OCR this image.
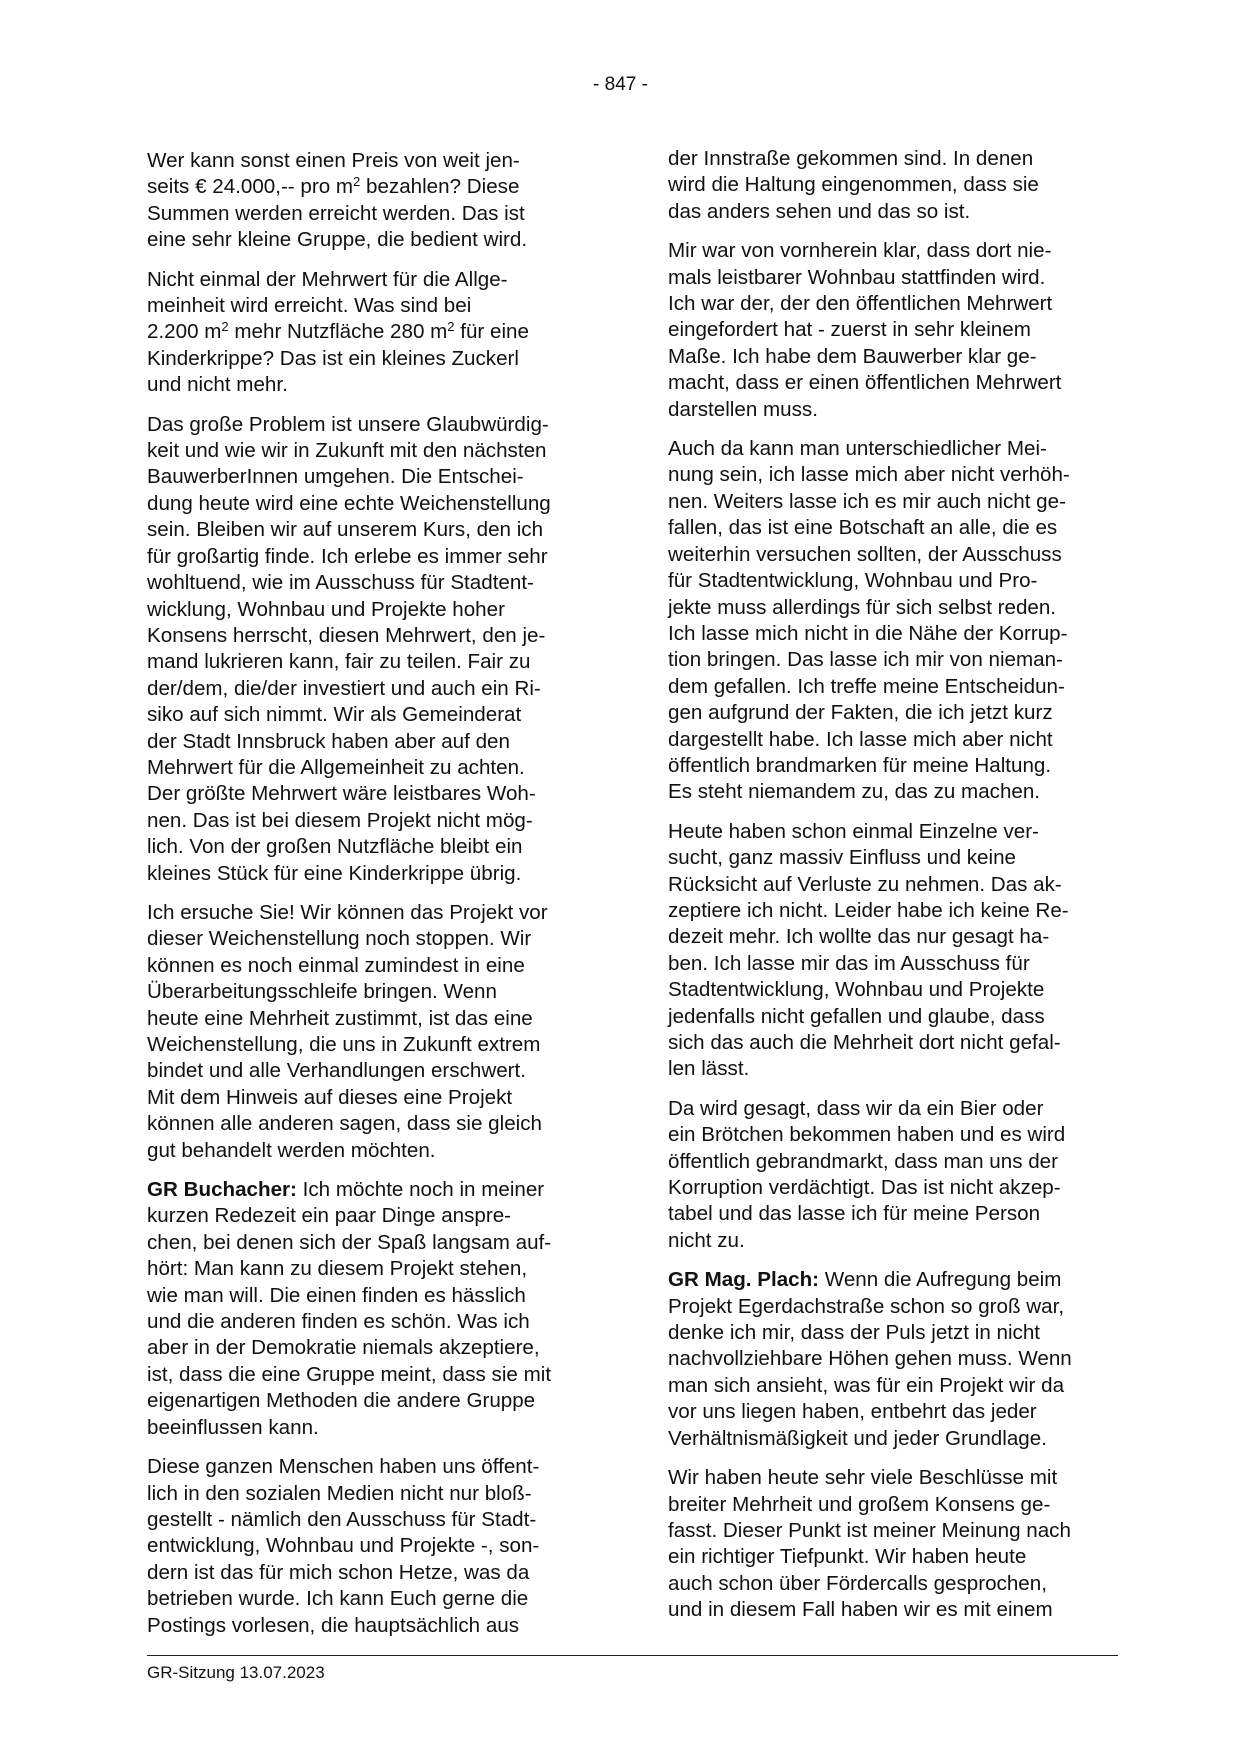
- 847 -

Wer kann sonst einen Preis von weit jen-
seits € 24.000,-- pro $m^2$ bezahlen? Diese
Summen werden erreicht werden. Das ist
eine sehr kleine Gruppe, die bedient wird.

Nicht einmal der Mehrwert für die Allge-
meinheit wird erreicht. Was sind bei
2.200 $m^2$ mehr Nutzfläche 280 $m^2$ für eine
Kinderkrippe? Das ist ein kleines Zuckerl
und nicht mehr.

Das große Problem ist unsere Glaubwürdig-
keit und wie wir in Zukunft mit den nächsten
BauwerberInnen umgehen. Die Entschei-
dung heute wird eine echte Weichenstellung
sein. Bleiben wir auf unserem Kurs, den ich
für großartig finde. Ich erlebe es immer sehr
wohltuend, wie im Ausschuss für Stadtent-
wicklung, Wohnbau und Projekte hoher
Konsens herrscht, diesen Mehrwert, den je-
mand lukrieren kann, fair zu teilen. Fair zu
der/dem, die/der investiert und auch ein Ri-
siko auf sich nimmt. Wir als Gemeinderat
der Stadt Innsbruck haben aber auf den
Mehrwert für die Allgemeinheit zu achten.
Der größte Mehrwert wäre leistbares Woh-
nen. Das ist bei diesem Projekt nicht mög-
lich. Von der großen Nutzfläche bleibt ein
kleines Stück für eine Kinderkrippe übrig.

Ich ersuche Sie! Wir können das Projekt vor
dieser Weichenstellung noch stoppen. Wir
können es noch einmal zumindest in eine
Überarbeitungsschleife bringen. Wenn
heute eine Mehrheit zustimmt, ist das eine
Weichenstellung, die uns in Zukunft extrem
bindet und alle Verhandlungen erschwert.
Mit dem Hinweis auf dieses eine Projekt
können alle anderen sagen, dass sie gleich
gut behandelt werden möchten.

GR Buchacher: Ich möchte noch in meiner
kurzen Redezeit ein paar Dinge anspre-
chen, bei denen sich der Spaß langsam auf-
hört: Man kann zu diesem Projekt stehen,
wie man will. Die einen finden es hässlich
und die anderen finden es schön. Was ich
aber in der Demokratie niemals akzeptiere,
ist, dass die eine Gruppe meint, dass sie mit
eigenartigen Methoden die andere Gruppe
beeinflussen kann.

Diese ganzen Menschen haben uns öffent-
lich in den sozialen Medien nicht nur bloß-
gestellt - nämlich den Ausschuss für Stadt-
entwicklung, Wohnbau und Projekte -, son-
dern ist das für mich schon Hetze, was da
betrieben wurde. Ich kann Euch gerne die
Postings vorlesen, die hauptsächlich aus

der Innstraße gekommen sind. In denen
wird die Haltung eingenommen, dass sie
das anders sehen und das so ist.

Mir war von vornherein klar, dass dort nie-
mals leistbarer Wohnbau stattfinden wird.
Ich war der, der den öffentlichen Mehrwert
eingefordert hat - zuerst in sehr kleinem
Maße. Ich habe dem Bauwerber klar ge-
macht, dass er einen öffentlichen Mehrwert
darstellen muss.

Auch da kann man unterschiedlicher Mei-
nung sein, ich lasse mich aber nicht verhöh-
nen. Weiters lasse ich es mir auch nicht ge-
fallen, das ist eine Botschaft an alle, die es
weiterhin versuchen sollten, der Ausschuss
für Stadtentwicklung, Wohnbau und Pro-
jekte muss allerdings für sich selbst reden.
Ich lasse mich nicht in die Nähe der Korrup-
tion bringen. Das lasse ich mir von nieman-
dem gefallen. Ich treffe meine Entscheidun-
gen aufgrund der Fakten, die ich jetzt kurz
dargestellt habe. Ich lasse mich aber nicht
öffentlich brandmarken für meine Haltung.
Es steht niemandem zu, das zu machen.

Heute haben schon einmal Einzelne ver-
sucht, ganz massiv Einfluss und keine
Rücksicht auf Verluste zu nehmen. Das ak-
zeptiere ich nicht. Leider habe ich keine Re-
dezeit mehr. Ich wollte das nur gesagt ha-
ben. Ich lasse mir das im Ausschuss für
Stadtentwicklung, Wohnbau und Projekte
jedenfalls nicht gefallen und glaube, dass
sich das auch die Mehrheit dort nicht gefal-
len lässt.

Da wird gesagt, dass wir da ein Bier oder
ein Brötchen bekommen haben und es wird
öffentlich gebrandmarkt, dass man uns der
Korruption verdächtigt. Das ist nicht akzep-
tabel und das lasse ich für meine Person
nicht zu.

GR Mag. Plach: Wenn die Aufregung beim
Projekt Egerdachstraße schon so groß war,
denke ich mir, dass der Puls jetzt in nicht
nachvollziehbare Höhen gehen muss. Wenn
man sich ansieht, was für ein Projekt wir da
vor uns liegen haben, entbehrt das jeder
Verhältnismäßigkeit und jeder Grundlage.

Wir haben heute sehr viele Beschlüsse mit
breiter Mehrheit und großem Konsens ge-
fasst. Dieser Punkt ist meiner Meinung nach
ein richtiger Tiefpunkt. Wir haben heute
auch schon über Fördercalls gesprochen,
und in diesem Fall haben wir es mit einem

GR-Sitzung 13.07.2023
